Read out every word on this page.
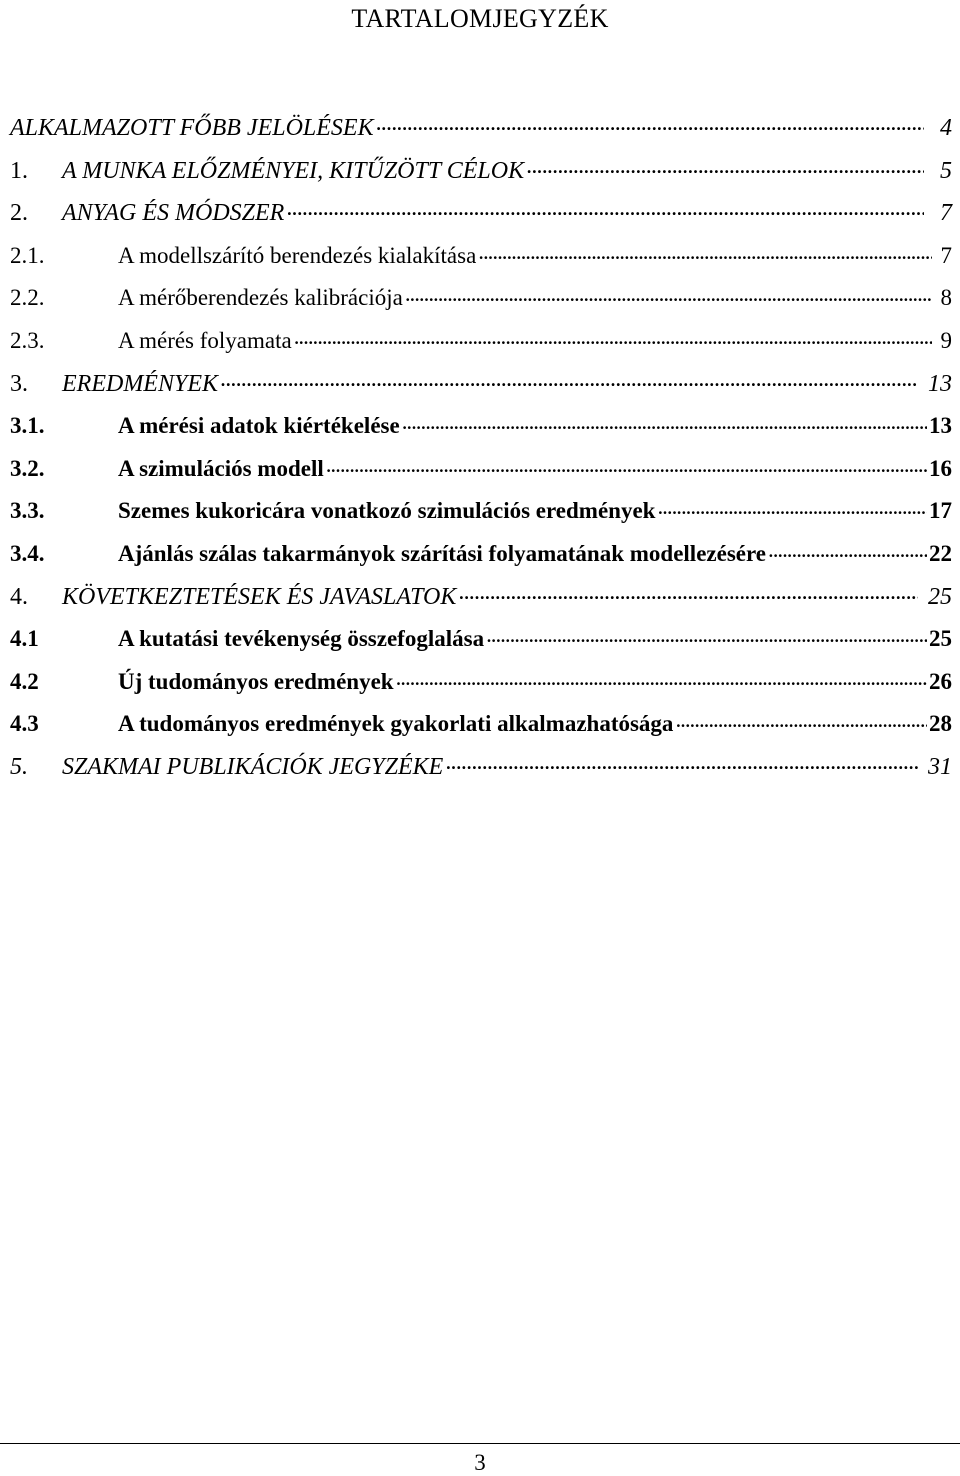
TARTALOMJEGYZÉK
ALKALMAZOTT FŐBB JELÖLÉSEK . . .	4
1.	A MUNKA ELŐZMÉNYEI, KITŰZÖTT CÉLOK . . .	5
2.	ANYAG ÉS MÓDSZER . . .	7
2.1.	A modellszárító berendezés kialakítása . . .	7
2.2.	A mérőberendezés kalibrációja . . .	8
2.3.	A mérés folyamata . . .	9
3.	EREDMÉNYEK . . .	13
3.1.	A mérési adatok kiértékelése . . .	13
3.2.	A szimulációs modell . . .	16
3.3.	Szemes kukoricára vonatkozó szimulációs eredmények . . .	17
3.4.	Ajánlás szálas takarmányok szárítási folyamatának modellezésére . . .	22
4.	KÖVETKEZTETÉSEK ÉS JAVASLATOK . . .	25
4.1	A kutatási tevékenység összefoglalása . . .	25
4.2	Új tudományos eredmények . . .	26
4.3	A tudományos eredmények gyakorlati alkalmazhatósága . . .	28
5.	SZAKMAI PUBLIKÁCIÓK JEGYZÉKE . . .	31
3
